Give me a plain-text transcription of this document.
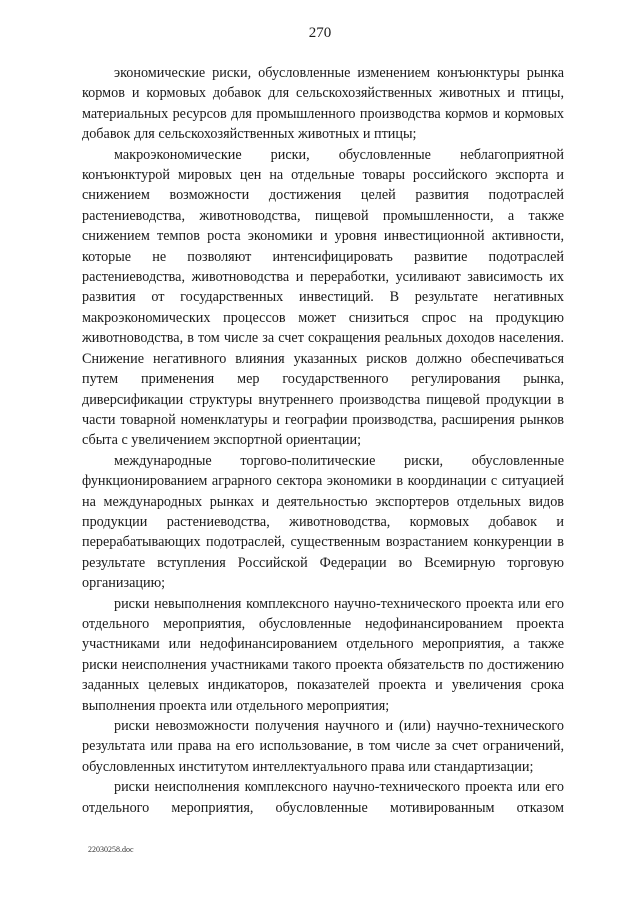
270

экономические риски, обусловленные изменением конъюнктуры рынка кормов и кормовых добавок для сельскохозяйственных животных и птицы, материальных ресурсов для промышленного производства кормов и кормовых добавок для сельскохозяйственных животных и птицы;

макроэкономические риски, обусловленные неблагоприятной конъюнктурой мировых цен на отдельные товары российского экспорта и снижением возможности достижения целей развития подотраслей растениеводства, животноводства, пищевой промышленности, а также снижением темпов роста экономики и уровня инвестиционной активности, которые не позволяют интенсифицировать развитие подотраслей растениеводства, животноводства и переработки, усиливают зависимость их развития от государственных инвестиций. В результате негативных макроэкономических процессов может снизиться спрос на продукцию животноводства, в том числе за счет сокращения реальных доходов населения. Снижение негативного влияния указанных рисков должно обеспечиваться путем применения мер государственного регулирования рынка, диверсификации структуры внутреннего производства пищевой продукции в части товарной номенклатуры и географии производства, расширения рынков сбыта с увеличением экспортной ориентации;

международные торгово-политические риски, обусловленные функционированием аграрного сектора экономики в координации с ситуацией на международных рынках и деятельностью экспортеров отдельных видов продукции растениеводства, животноводства, кормовых добавок и перерабатывающих подотраслей, существенным возрастанием конкуренции в результате вступления Российской Федерации во Всемирную торговую организацию;

риски невыполнения комплексного научно-технического проекта или его отдельного мероприятия, обусловленные недофинансированием проекта участниками или недофинансированием отдельного мероприятия, а также риски неисполнения участниками такого проекта обязательств по достижению заданных целевых индикаторов, показателей проекта и увеличения срока выполнения проекта или отдельного мероприятия;

риски невозможности получения научного и (или) научно-технического результата или права на его использование, в том числе за счет ограничений, обусловленных институтом интеллектуального права или стандартизации;

риски неисполнения комплексного научно-технического проекта или его отдельного мероприятия, обусловленные мотивированным отказом

22030258.doc
